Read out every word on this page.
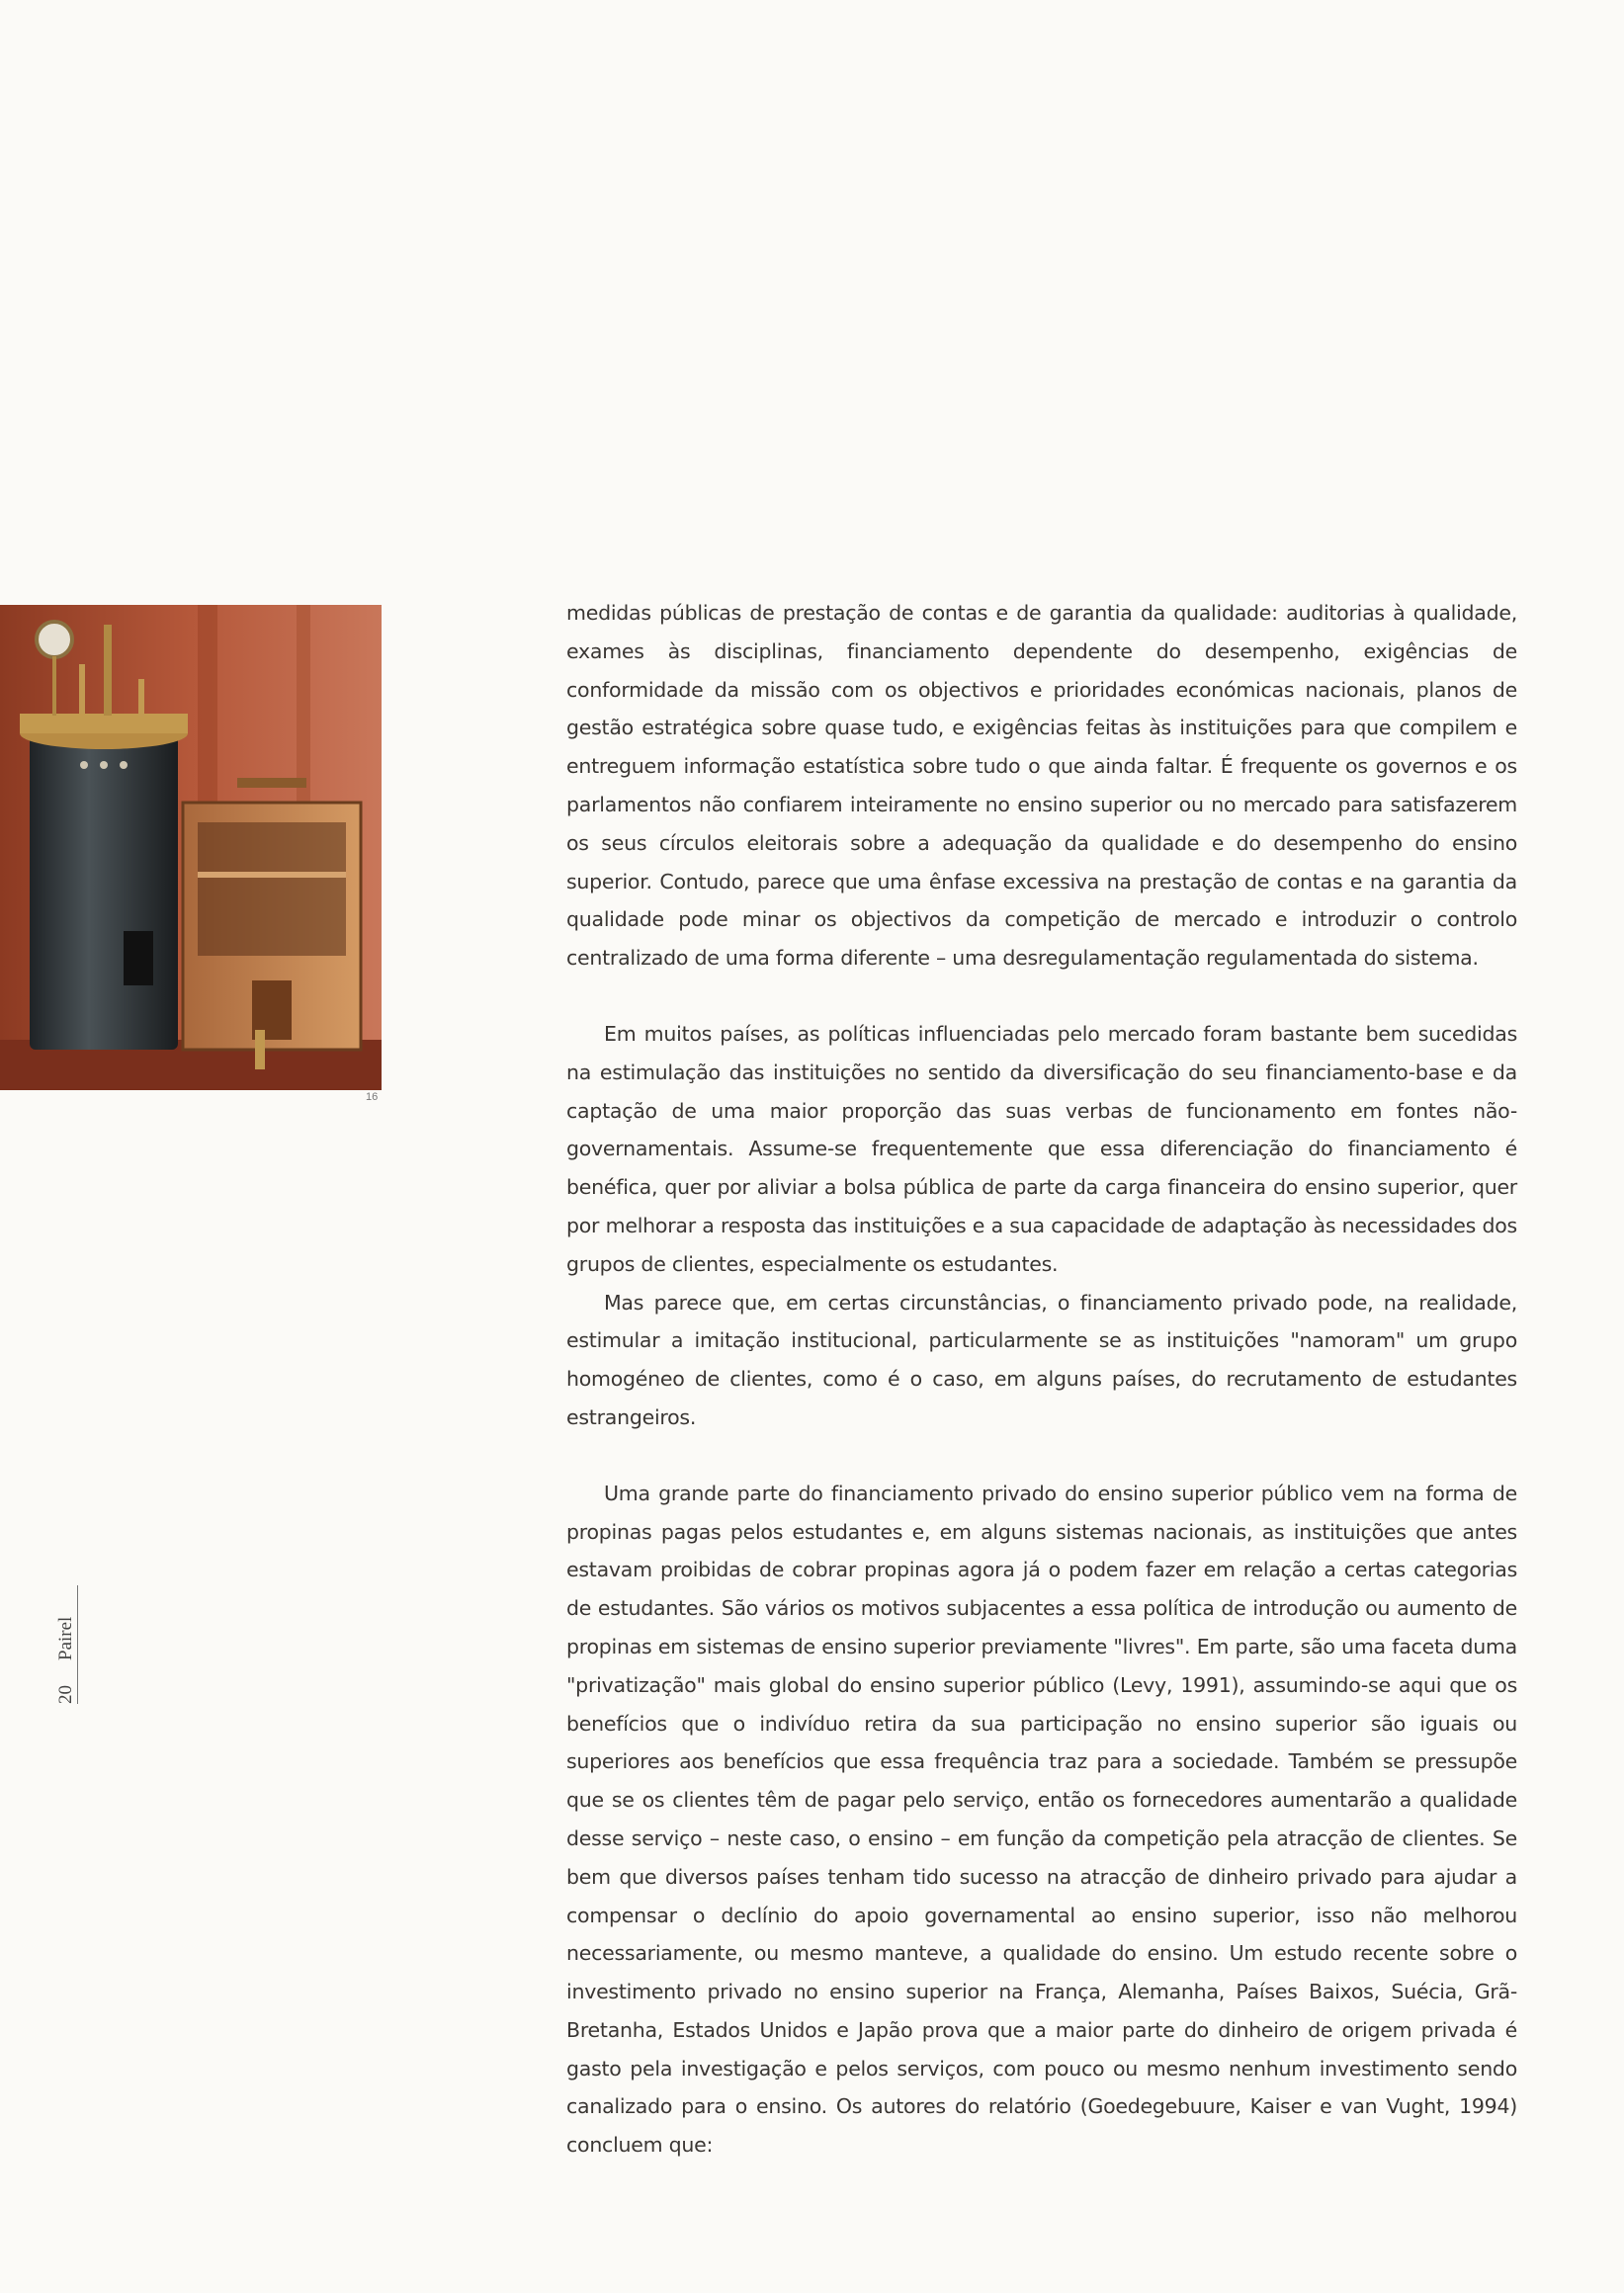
16

medidas públicas de prestação de contas e de garantia da qualidade: auditorias à qualidade, exames às disciplinas, financiamento dependente do desempenho, exigências de conformidade da missão com os objectivos e prioridades económicas nacionais, planos de gestão estratégica sobre quase tudo, e exigências feitas às instituições para que compilem e entreguem informação estatística sobre tudo o que ainda faltar. É frequente os governos e os parlamentos não confiarem inteiramente no ensino superior ou no mercado para satisfazerem os seus círculos eleitorais sobre a adequação da qualidade e do desempenho do ensino superior. Contudo, parece que uma ênfase excessiva na prestação de contas e na garantia da qualidade pode minar os objectivos da competição de mercado e introduzir o controlo centralizado de uma forma diferente – uma desregulamentação regulamentada do sistema.

Em muitos países, as políticas influenciadas pelo mercado foram bastante bem sucedidas na estimulação das instituições no sentido da diversificação do seu financiamento-base e da captação de uma maior proporção das suas verbas de funcionamento em fontes não-governamentais. Assume-se frequentemente que essa diferenciação do financiamento é benéfica, quer por aliviar a bolsa pública de parte da carga financeira do ensino superior, quer por melhorar a resposta das instituições e a sua capacidade de adaptação às necessidades dos grupos de clientes, especialmente os estudantes.

Mas parece que, em certas circunstâncias, o financiamento privado pode, na realidade, estimular a imitação institucional, particularmente se as instituições "namoram" um grupo homogéneo de clientes, como é o caso, em alguns países, do recrutamento de estudantes estrangeiros.

Uma grande parte do financiamento privado do ensino superior público vem na forma de propinas pagas pelos estudantes e, em alguns sistemas nacionais, as instituições que antes estavam proibidas de cobrar propinas agora já o podem fazer em relação a certas categorias de estudantes. São vários os motivos subjacentes a essa política de introdução ou aumento de propinas em sistemas de ensino superior previamente "livres". Em parte, são uma faceta duma "privatização" mais global do ensino superior público (Levy, 1991), assumindo-se aqui que os benefícios que o indivíduo retira da sua participação no ensino superior são iguais ou superiores aos benefícios que essa frequência traz para a sociedade. Também se pressupõe que se os clientes têm de pagar pelo serviço, então os fornecedores aumentarão a qualidade desse serviço – neste caso, o ensino – em função da competição pela atracção de clientes. Se bem que diversos países tenham tido sucesso na atracção de dinheiro privado para ajudar a compensar o declínio do apoio governamental ao ensino superior, isso não melhorou necessariamente, ou mesmo manteve, a qualidade do ensino. Um estudo recente sobre o investimento privado no ensino superior na França, Alemanha, Países Baixos, Suécia, Grã-Bretanha, Estados Unidos e Japão prova que a maior parte do dinheiro de origem privada é gasto pela investigação e pelos serviços, com pouco ou mesmo nenhum investimento sendo canalizado para o ensino. Os autores do relatório (Goedegebuure, Kaiser e van Vught, 1994) concluem que:

Pairel
20
